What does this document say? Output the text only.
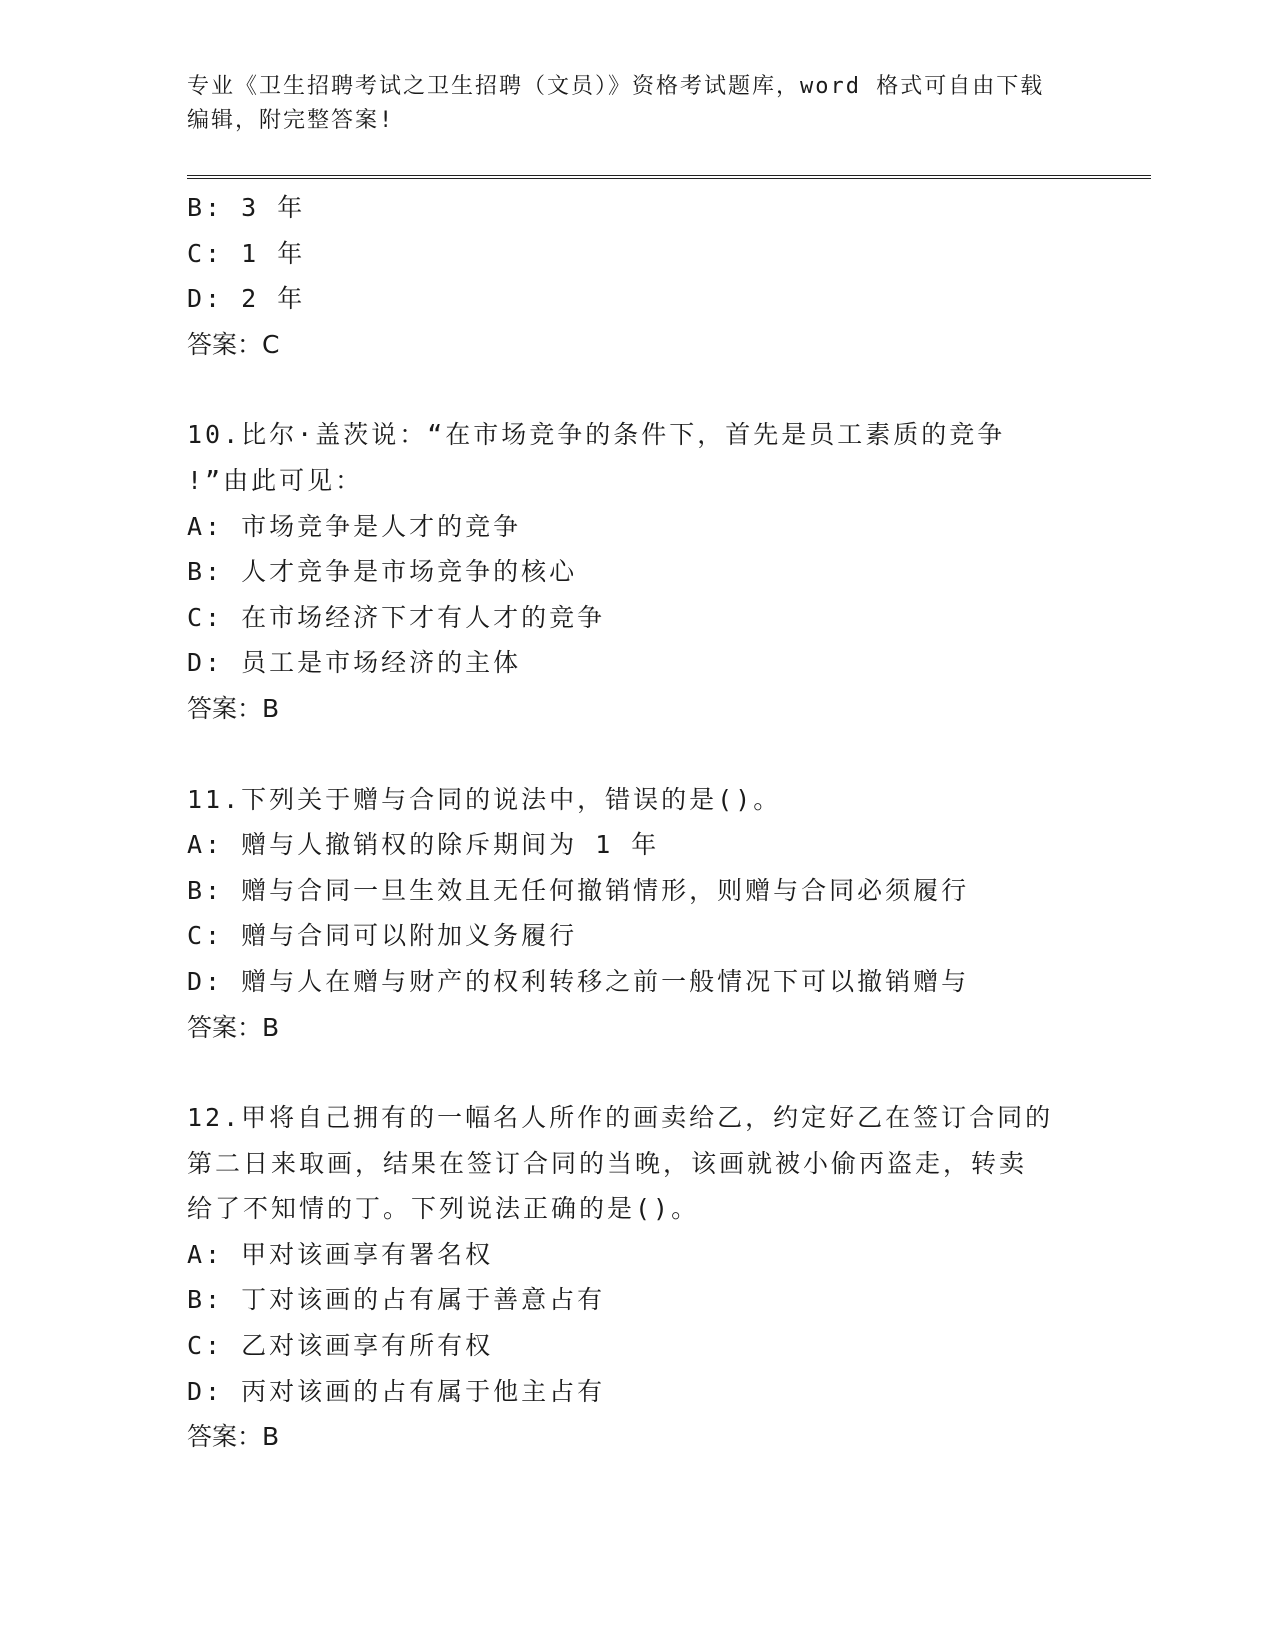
专业《卫生招聘考试之卫生招聘（文员）》资格考试题库，word 格式可自由下载
编辑，附完整答案!
B: 3 年
C: 1 年
D: 2 年
答案：C
10.比尔·盖茨说：“在市场竞争的条件下，首先是员工素质的竞争
!”由此可见：
A: 市场竞争是人才的竞争
B: 人才竞争是市场竞争的核心
C: 在市场经济下才有人才的竞争
D: 员工是市场经济的主体
答案：B
11.下列关于赠与合同的说法中，错误的是()。
A: 赠与人撤销权的除斥期间为 1 年
B: 赠与合同一旦生效且无任何撤销情形，则赠与合同必须履行
C: 赠与合同可以附加义务履行
D: 赠与人在赠与财产的权利转移之前一般情况下可以撤销赠与
答案：B
12.甲将自己拥有的一幅名人所作的画卖给乙，约定好乙在签订合同的
第二日来取画，结果在签订合同的当晚，该画就被小偷丙盗走，转卖
给了不知情的丁。下列说法正确的是()。
A: 甲对该画享有署名权
B: 丁对该画的占有属于善意占有
C: 乙对该画享有所有权
D: 丙对该画的占有属于他主占有
答案：B
